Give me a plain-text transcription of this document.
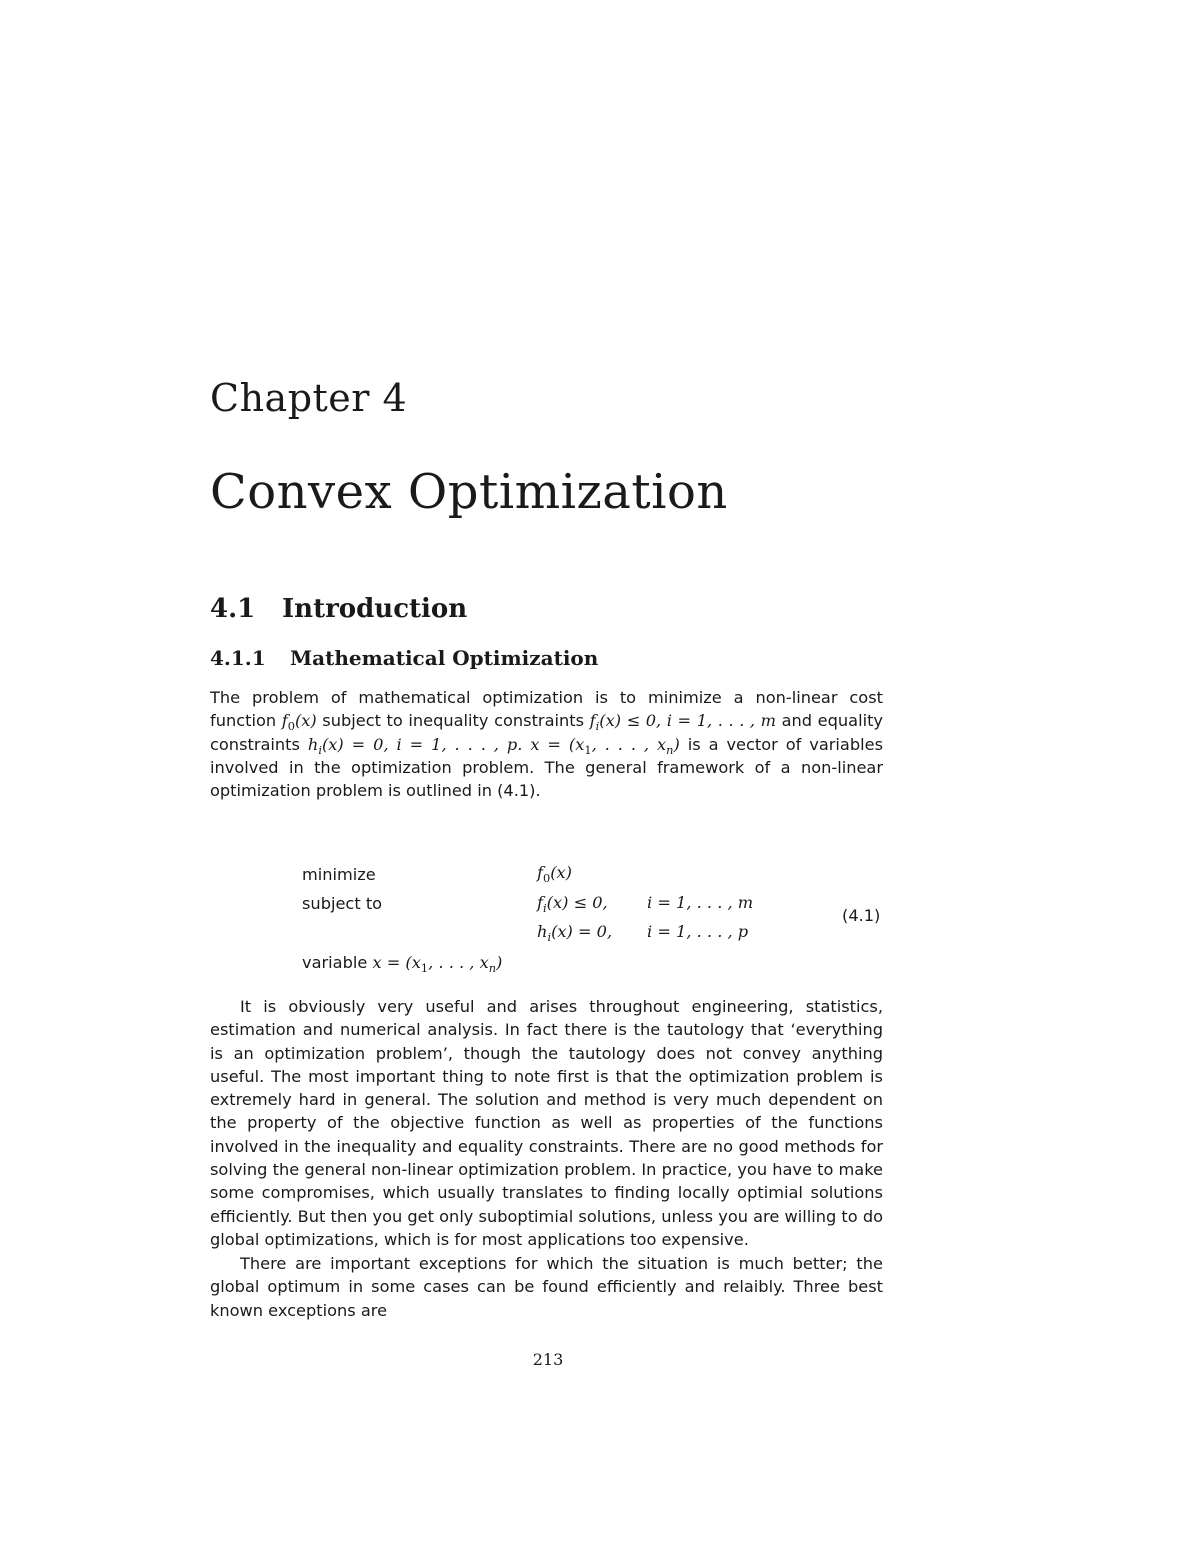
Chapter 4
Convex Optimization
4.1 Introduction
4.1.1 Mathematical Optimization

The problem of mathematical optimization is to minimize a non-linear cost function $f_0(x)$ subject to inequality constraints $f_i(x) \le 0$, i = 1, . . . , m and equality constraints $h_i(x) = 0$, i = 1, . . . , p. $x = (x_1$, . . . , $x_n$) is a vector of variables involved in the optimization problem. The general framework of a non-linear optimization problem is outlined in (4.1).

minimize
subject to
variable $x = (x_1$, . . . , $x_n$)
$f_0(x)$
$f_i(x) \le 0$, i = 1, . . . , m
$h_i(x) = 0$, i = 1, . . . , p
(4.1)

It is obviously very useful and arises throughout engineering, statistics, estimation and numerical analysis. In fact there is the tautology that ‘everything is an optimization problem’, though the tautology does not convey anything useful. The most important thing to note first is that the optimization problem is extremely hard in general. The solution and method is very much dependent on the property of the objective function as well as properties of the functions involved in the inequality and equality constraints. There are no good methods for solving the general non-linear optimization problem. In practice, you have to make some compromises, which usually translates to finding locally optimial solutions efficiently. But then you get only suboptimial solutions, unless you are willing to do global optimizations, which is for most applications too expensive.

There are important exceptions for which the situation is much better; the global optimum in some cases can be found efficiently and relaibly. Three best known exceptions are

213
